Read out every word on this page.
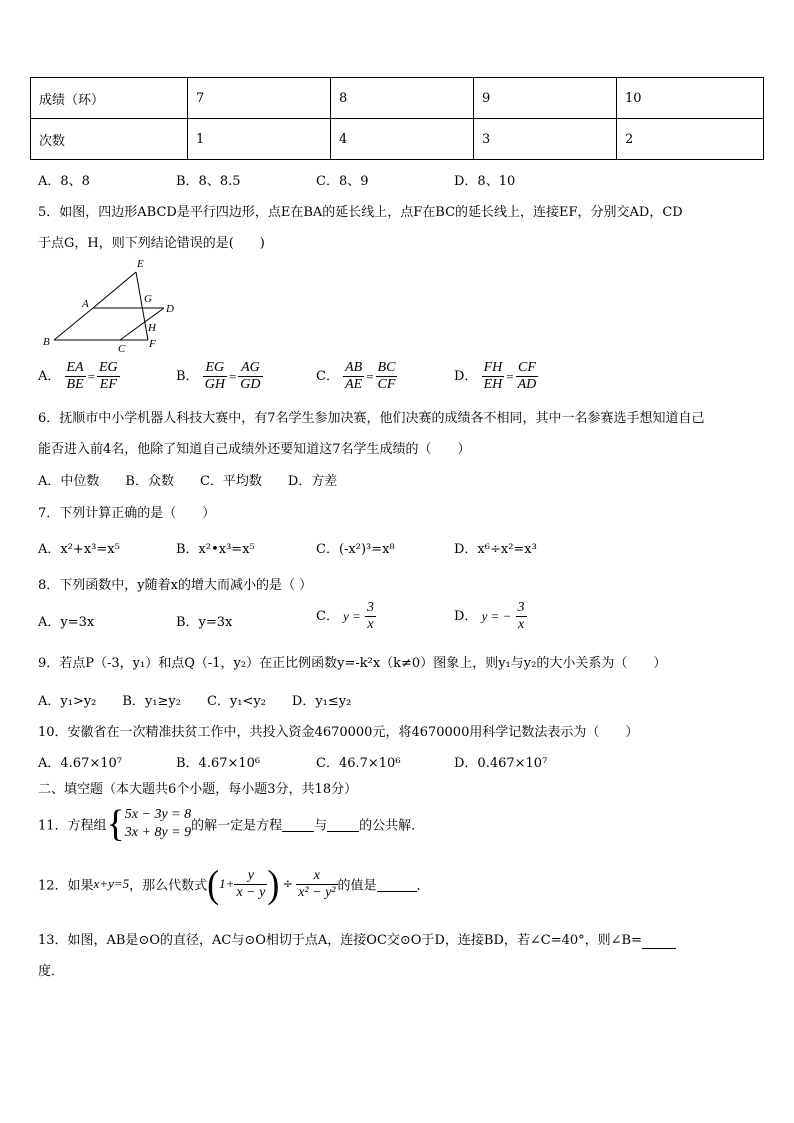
成绩（环）	7	8	9	10
次数	1	4	3	2
A．8、8	B．8、8.5	C．8、9	D．8、10
5．如图，四边形ABCD是平行四边形，点E在BA的延长线上，点F在BC的延长线上，连接EF，分别交AD，CD
于点G，H，则下列结论错误的是(　　)
E
A	G
D
H
B
C F
A． $\frac{EA}{BE} = \frac{EG}{EF}$	B． $\frac{EG}{GH} = \frac{AG}{GD}$	C． $\frac{AB}{AE} = \frac{BC}{CF}$	D． $\frac{FH}{EH} = \frac{CF}{AD}$
6．抚顺市中小学机器人科技大赛中，有7名学生参加决赛，他们决赛的成绩各不相同，其中一名参赛选手想知道自己
能否进入前4名，他除了知道自己成绩外还要知道这7名学生成绩的（　　）
A．中位数　　B．众数　　C．平均数　　D．方差
7．下列计算正确的是（　　）
A．x²+x³=x⁵	B．x²•x³=x⁵	C．(-x²)³=x⁸	D．x⁶÷x²=x³
8．下列函数中，y随着x的增大而减小的是（ ）
A．y=3x	B．y=3x	C． $y = \frac{3}{x}$	D． y = − $\frac{3}{x}$
9．若点P（-3，y₁）和点Q（-1，y₂）在正比例函数y=-k²x（k≠0）图象上，则y₁与y₂的大小关系为（　　）
A．y₁>y₂　　B．y₁≥y₂　　C．y₁<y₂　　D．y₁≤y₂
10．安徽省在一次精准扶贫工作中，共投入资金4670000元，将4670000用科学记数法表示为（　　）
A．4.67×10⁷	B．4.67×10⁶	C．46.7×10⁶	D．0.467×10⁷
二、填空题（本大题共6个小题，每小题3分，共18分）
11．方程组{ 5x − 3y = 8
3x + 8y = 9 的解一定是方程 与 的公共解．
12．如果x+y=5，那么代数式($1+ \frac{y}{x - y}$ ) ÷ $\frac{x}{\text{x² − y²}}$ 的值是	．
13．如图，AB是⊙O的直径，AC与⊙O相切于点A，连接OC交⊙O于D，连接BD，若∠C=40°，则∠B=
度．
